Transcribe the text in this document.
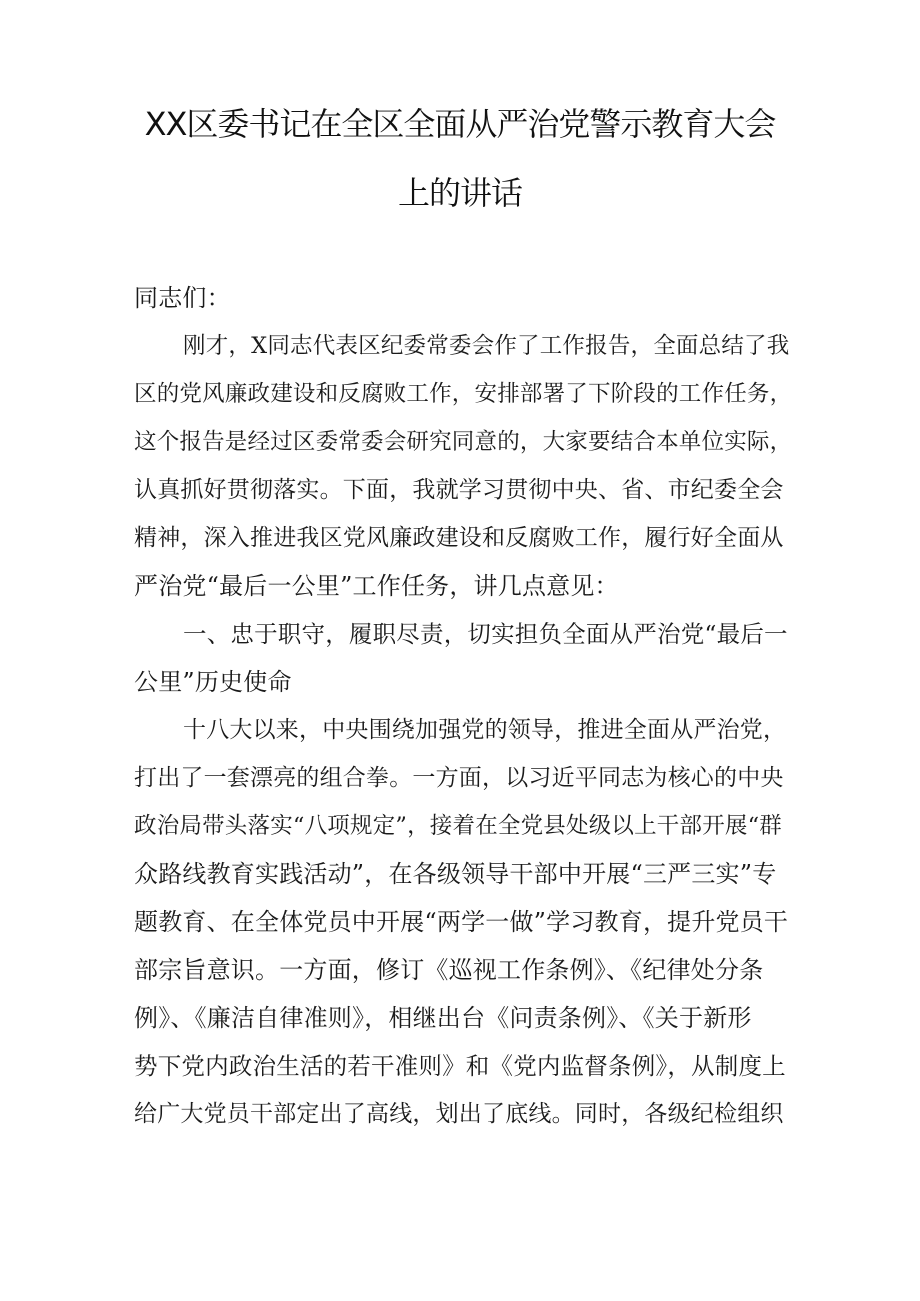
XX区委书记在全区全面从严治党警示教育大会
上的讲话
同志们：
刚才，X同志代表区纪委常委会作了工作报告，全面总结了我
区的党风廉政建设和反腐败工作，安排部署了下阶段的工作任务，
这个报告是经过区委常委会研究同意的，大家要结合本单位实际，
认真抓好贯彻落实。下面，我就学习贯彻中央、省、市纪委全会
精神，深入推进我区党风廉政建设和反腐败工作，履行好全面从
严治党“最后一公里”工作任务，讲几点意见：
一、忠于职守，履职尽责，切实担负全面从严治党“最后一
公里”历史使命
十八大以来，中央围绕加强党的领导，推进全面从严治党，
打出了一套漂亮的组合拳。一方面，以习近平同志为核心的中央
政治局带头落实“八项规定”，接着在全党县处级以上干部开展“群
众路线教育实践活动”，在各级领导干部中开展“三严三实”专
题教育、在全体党员中开展“两学一做”学习教育，提升党员干
部宗旨意识。一方面，修订《巡视工作条例》、《纪律处分条
例》、《廉洁自律准则》，相继出台《问责条例》、《关于新形
势下党内政治生活的若干准则》和《党内监督条例》，从制度上
给广大党员干部定出了高线，划出了底线。同时，各级纪检组织
